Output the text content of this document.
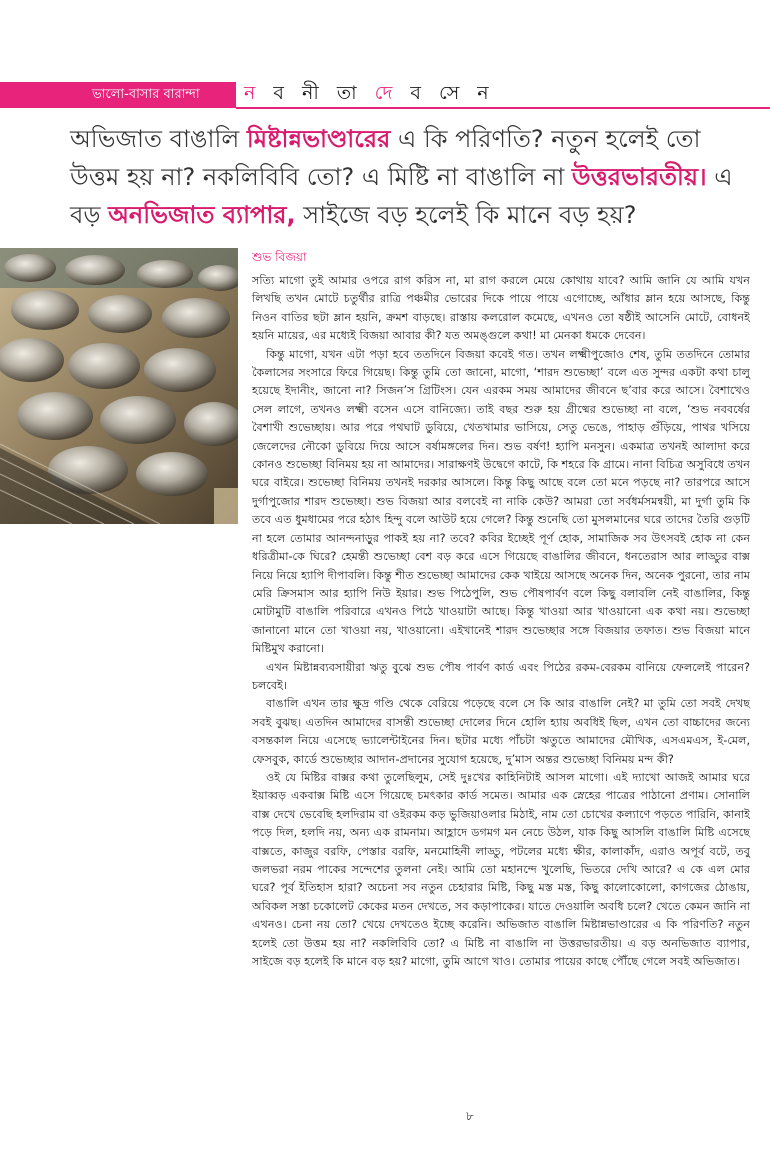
ভালো-বাসার বারান্দা ন ব নী তা দে ব সে ন
অভিজাত বাঙালি মিষ্টান্নভাণ্ডারের এ কি পরিণতি? নতুন হলেই তো উত্তম হয় না? নকলিবিবি তো? এ মিষ্টি না বাঙালি না উত্তরভারতীয়। এ বড় অনভিজাত ব্যাপার, সাইজে বড় হলেই কি মানে বড় হয়?
শুভ বিজয়া

সত্যি মাগো তুই আমার ওপরে রাগ করিস না, মা রাগ করলে মেয়ে কোথায় যাবে? আমি জানি যে আমি যখন লিখছি তখন মোটে চতুর্থীর রাত্রি পঞ্চমীর ভোরের দিকে পায়ে পায়ে এগোচ্ছে, আঁধার ম্লান হয়ে আসছে, কিন্তু নিওন বাতির ছটা ম্লান হয়নি, ক্রমশ বাড়ছে। রাস্তায় কলরোল কমেছে, এখনও তো ষষ্ঠীই আসেনি মোটে, বোধনই হয়নি মায়ের, এর মধ্যেই বিজয়া আবার কী? যত অমঙ্গুলে কথা! মা মেনকা ধমকে দেবেন।

কিন্তু মাগো, যখন এটা পড়া হবে ততদিনে বিজয়া কবেই গত। তখন লক্ষ্মীপুজোও শেষ, তুমি ততদিনে তোমার কৈলাসের সংসারে ফিরে গিয়েছ। কিন্তু তুমি তো জানো, মাগো, ‘শারদ শুভেচ্ছা’ বলে এত সুন্দর একটা কথা চালু হয়েছে ইদানীং, জানো না? সিজন’স গ্রিটিংস। যেন এরকম সময় আমাদের জীবনে ছ’বার করে আসে। বৈশাখেও সেল লাগে, তখনও লক্ষ্মী বসেন এসে বানিজ্যে। তাই বছর শুরু হয় গ্রীষ্মের শুভেচ্ছা না বলে, ‘শুভ নববর্ষের বৈশাখী শুভেচ্ছায়। আর পরে পথঘাট ডুবিয়ে, খেতখামার ভাসিয়ে, সেতু ভেঙে, পাহাড় গুঁড়িয়ে, পাথর খসিয়ে জেলেদের নৌকো ডুবিয়ে দিয়ে আসে বর্ষামঙ্গলের দিন। শুভ বর্ষণ! হ্যাপি মনসুন। একমাত্র তখনই আলাদা করে কোনও শুভেচ্ছা বিনিময় হয় না আমাদের। সারাক্ষণই উদ্বেগে কাটে, কি শহরে কি গ্রামে। নানা বিচিত্র অসুবিধে তখন ঘরে বাইরে। শুভেচ্ছা বিনিময় তখনই দরকার আসলে। কিন্তু কিছু আছে বলে তো মনে পড়ছে না? তারপরে আসে দুর্গাপুজোর শারদ শুভেচ্ছা। শুভ বিজয়া আর বলবেই না নাকি কেউ? আমরা তো সর্বধর্মসমন্বয়ী, মা দুর্গা তুমি কি তবে এত ধুমধামের পরে হঠাৎ হিন্দু বলে আউট হয়ে গেলে? কিন্তু শুনেছি তো মুসলমানের ঘরে তাদের তৈরি গুড়টি না হলে তোমার আনন্দনাড়ুর পাকই হয় না? তবে? কবির ইচ্ছেই পূর্ণ হোক, সামাজিক সব উৎসবই হোক না কেন ধরিত্রীমা-কে ঘিরে? হেমন্তী শুভেচ্ছা বেশ বড় করে এসে গিয়েছে বাঙালির জীবনে, ধনতেরাস আর লাড্ডুর বাক্স নিয়ে নিয়ে হ্যাপি দীপাবলি। কিন্তু শীত শুভেচ্ছা আমাদের কেক খাইয়ে আসছে অনেক দিন, অনেক পুরনো, তার নাম মেরি ক্রিসমাস আর হ্যাপি নিউ ইয়ার। শুভ পিঠেপুলি, শুভ পৌষপার্বণ বলে কিছু বলাবলি নেই বাঙালির, কিন্তু মোটামুটি বাঙালি পরিবারে এখনও পিঠে খাওয়াটা আছে। কিন্তু খাওয়া আর খাওয়ানো এক কথা নয়। শুভেচ্ছা জানানো মানে তো খাওয়া নয়, খাওয়ানো। এইখানেই শারদ শুভেচ্ছার সঙ্গে বিজয়ার তফাত। শুভ বিজয়া মানে মিষ্টিমুখ করানো।

এখন মিষ্টান্নব্যবসায়ীরা ঋতু বুঝে শুভ পৌষ পার্বণ কার্ড এবং পিঠের রকম-বেরকম বানিয়ে ফেললেই পারেন? চলবেই।

বাঙালি এখন তার ক্ষুদ্র গণ্ডি থেকে বেরিয়ে পড়েছে বলে সে কি আর বাঙালি নেই? মা তুমি তো সবই দেখছ সবই বুঝছ। এতদিন আমাদের বাসন্তী শুভেচ্ছা দোলের দিনে হোলি হ্যায় অবধিই ছিল, এখন তো বাচ্চাদের জন্যে বসন্তকাল নিয়ে এসেছে ভ্যালেন্টাইনের দিন। ছটার মধ্যে পাঁচটা ঋতুতে আমাদের মৌখিক, এসএমএস, ই-মেল, ফেসবুক, কার্ডে শুভেচ্ছার আদান-প্রদানের সুযোগ হয়েছে, দু’মাস অন্তর শুভেচ্ছা বিনিময় মন্দ কী?

ওই যে মিষ্টির বাক্সর কথা তুলেছিলুম, সেই দুঃখের কাহিনিটাই আসল মাগো। এই দ্যাখো আজই আমার ঘরে ইয়াব্বড় একবাক্স মিষ্টি এসে গিয়েছে চমৎকার কার্ড সমেত। আমার এক স্নেহের পাত্রের পাঠানো প্রণাম। সোনালি বাক্স দেখে ভেবেছি হলদিরাম বা ওইরকম কড় ভুজিয়াওলার মিঠাই, নাম তো চোখের কল্যাণে পড়তে পারিনি, কানাই পড়ে দিল, হলদি নয়, অন্য এক রামনাম। আহ্লাদে ডগমগ মন নেচে উঠল, যাক কিছু আসলি বাঙালি মিষ্টি এসেছে বাক্সতে, কাজুর বরফি, পেস্তার বরফি, মনমোহিনী লাড্ডু, পটলের মধ্যে ক্ষীর, কালাকাঁদ, এরাও অপূর্ব বটে, তবু জলভরা নরম পাকের সন্দেশের তুলনা নেই। আমি তো মহানন্দে খুলেছি, ভিতরে দেখি আরে? এ কে এল মোর ঘরে? পূর্ব ইতিহাস হারা? অচেনা সব নতুন চেহারার মিষ্টি, কিছু মস্ত মস্ত, কিছু কালোকোলো, কাগজের ঠোঙায়, অবিকল সস্তা চকোলেট কেকের মতন দেখতে, সব কড়াপাকের। যাতে দেওয়ালি অবধি চলে? খেতে কেমন জানি না এখনও। চেনা নয় তো? খেয়ে দেখতেও ইচ্ছে করেনি। অভিজাত বাঙালি মিষ্টান্নভাণ্ডারের এ কি পরিণতি? নতুন হলেই তো উত্তম হয় না? নকলিবিবি তো? এ মিষ্টি না বাঙালি না উত্তরভারতীয়। এ বড় অনভিজাত ব্যাপার, সাইজে বড় হলেই কি মানে বড় হয়? মাগো, তুমি আগে খাও। তোমার পায়ের কাছে পৌঁছে গেলে সবই অভিজাত।

৮
